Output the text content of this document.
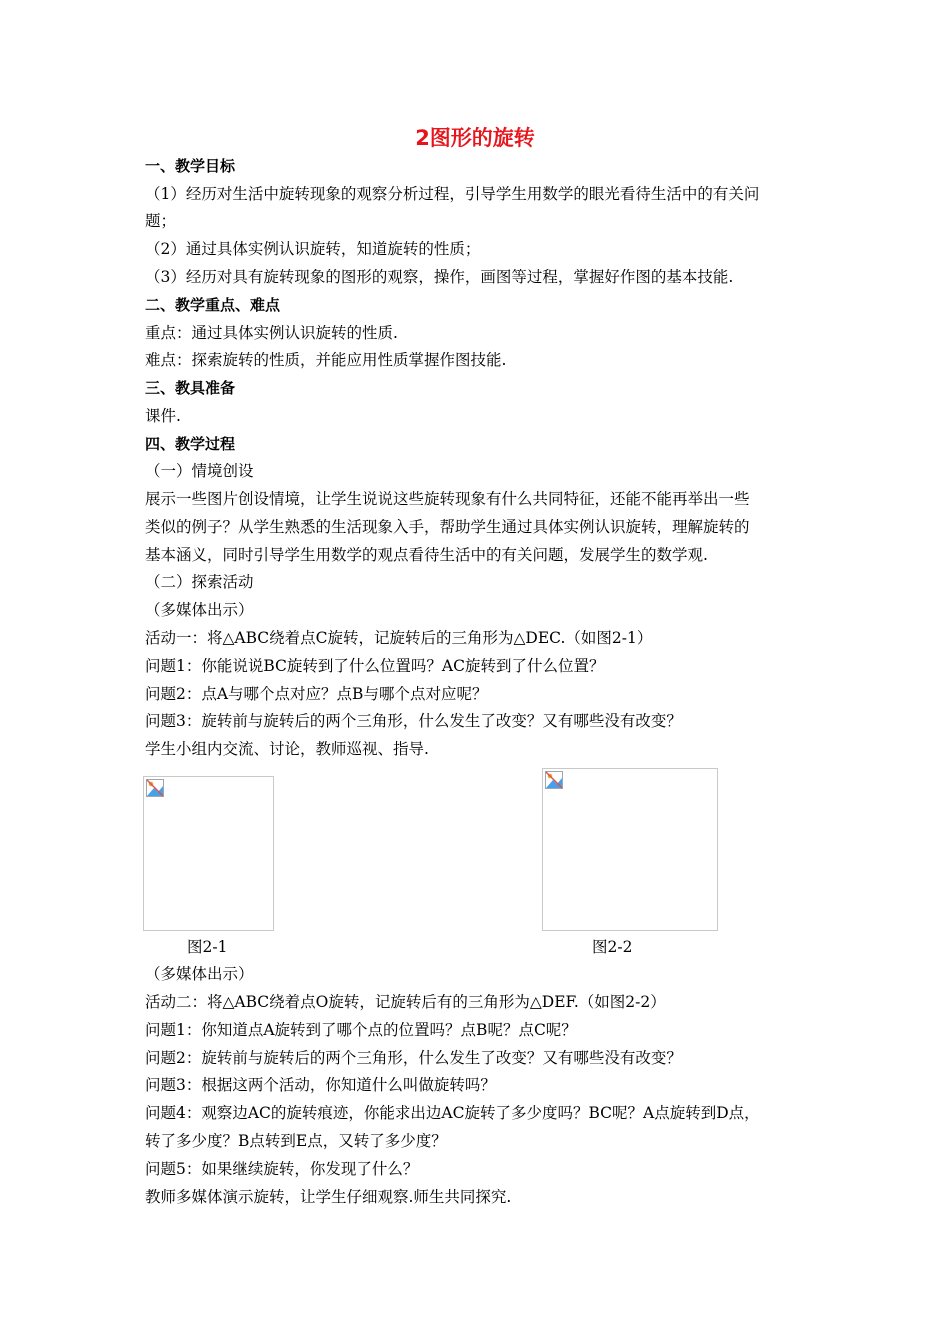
2图形的旋转
一、教学目标
（1）经历对生活中旋转现象的观察分析过程，引导学生用数学的眼光看待生活中的有关问
题；
（2）通过具体实例认识旋转，知道旋转的性质；
（3）经历对具有旋转现象的图形的观察，操作，画图等过程，掌握好作图的基本技能.
二、教学重点、难点
重点：通过具体实例认识旋转的性质.
难点：探索旋转的性质，并能应用性质掌握作图技能.
三、教具准备
课件.
四、教学过程
（一）情境创设
展示一些图片创设情境，让学生说说这些旋转现象有什么共同特征，还能不能再举出一些
类似的例子？从学生熟悉的生活现象入手，帮助学生通过具体实例认识旋转，理解旋转的
基本涵义，同时引导学生用数学的观点看待生活中的有关问题，发展学生的数学观.
（二）探索活动
（多媒体出示）
活动一：将△ABC绕着点C旋转，记旋转后的三角形为△DEC.（如图2-1）
问题1：你能说说BC旋转到了什么位置吗？AC旋转到了什么位置？
问题2：点A与哪个点对应？点B与哪个点对应呢？
问题3：旋转前与旋转后的两个三角形，什么发生了改变？又有哪些没有改变？
学生小组内交流、讨论，教师巡视、指导.
图2-1	图2-2
（多媒体出示）
活动二：将△ABC绕着点O旋转，记旋转后有的三角形为△DEF.（如图2-2）
问题1：你知道点A旋转到了哪个点的位置吗？点B呢？点C呢？
问题2：旋转前与旋转后的两个三角形，什么发生了改变？又有哪些没有改变？
问题3：根据这两个活动，你知道什么叫做旋转吗？
问题4：观察边AC的旋转痕迹，你能求出边AC旋转了多少度吗？BC呢？A点旋转到D点，
转了多少度？B点转到E点，又转了多少度？
问题5：如果继续旋转，你发现了什么？
教师多媒体演示旋转，让学生仔细观察.师生共同探究.
